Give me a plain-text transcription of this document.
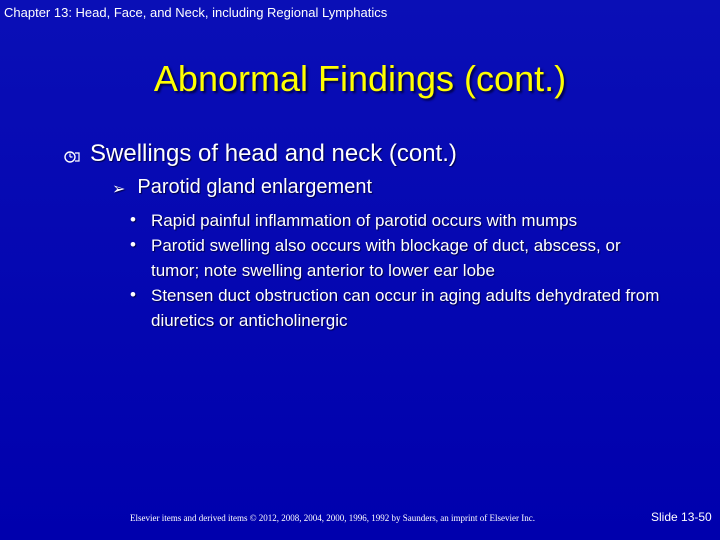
Chapter 13: Head, Face, and Neck, including Regional Lymphatics
Abnormal Findings (cont.)
Swellings of head and neck (cont.)
➢ Parotid gland enlargement
• Rapid painful inflammation of parotid occurs with mumps
• Parotid swelling also occurs with blockage of duct, abscess, or tumor; note swelling anterior to lower ear lobe
• Stensen duct obstruction can occur in aging adults dehydrated from diuretics or anticholinergic
Elsevier items and derived items © 2012, 2008, 2004, 2000, 1996, 1992 by Saunders, an imprint of Elsevier Inc.	Slide 13-50
